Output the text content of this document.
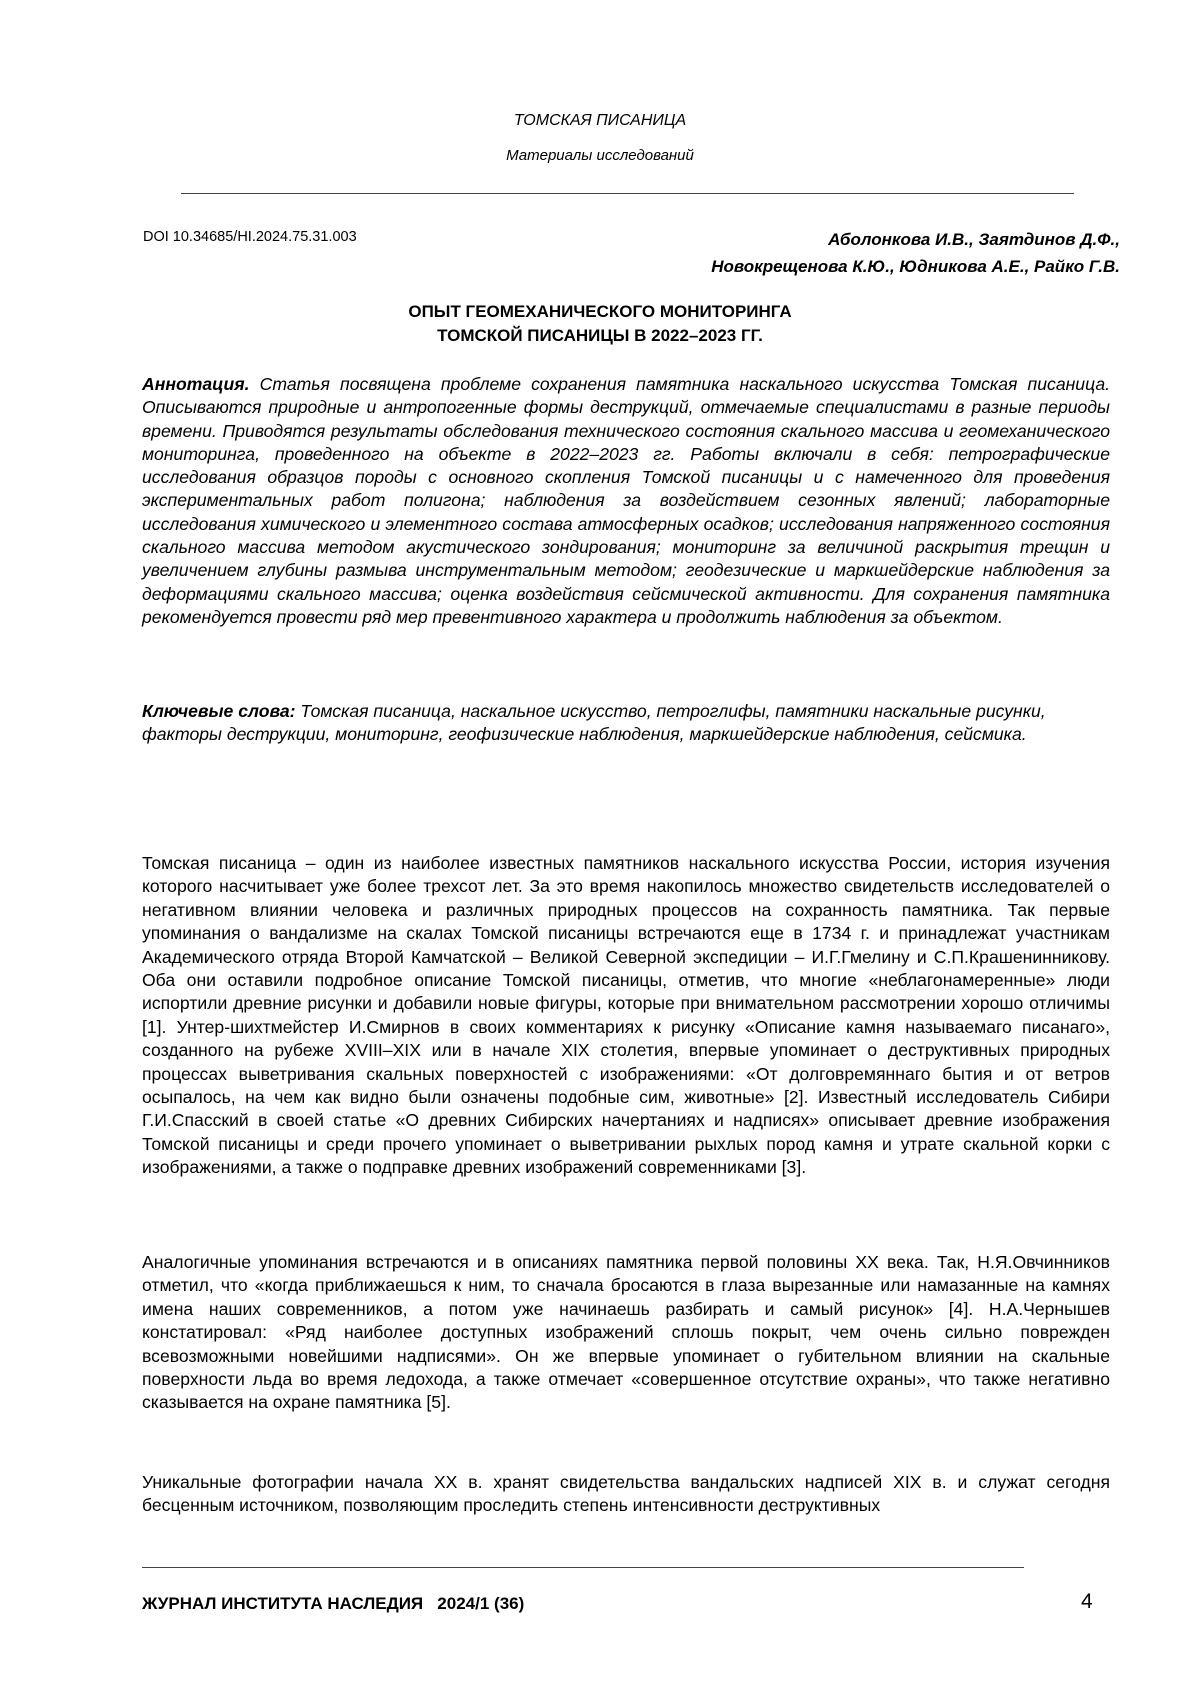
ТОМСКАЯ ПИСАНИЦА
Материалы исследований
DOI 10.34685/HI.2024.75.31.003	Аболонкова И.В., Заятдинов Д.Ф.,
Новокрещенова К.Ю., Юдникова А.Е., Райко Г.В.
ОПЫТ ГЕОМЕХАНИЧЕСКОГО МОНИТОРИНГА
ТОМСКОЙ ПИСАНИЦЫ В 2022–2023 ГГ.

Аннотация. Статья посвящена проблеме сохранения памятника наскального искусства Томская писаница. Описываются природные и антропогенные формы деструкций, отмечаемые специалистами в разные периоды времени. Приводятся результаты обследования технического состояния скального массива и геомеханического мониторинга, проведенного на объекте в 2022–2023 гг. Работы включали в себя: петрографические исследования образцов породы с основного скопления Томской писаницы и с намеченного для проведения экспериментальных работ полигона; наблюдения за воздействием сезонных явлений; лабораторные исследования химического и элементного состава атмосферных осадков; исследования напряженного состояния скального массива методом акустического зондирования; мониторинг за величиной раскрытия трещин и увеличением глубины размыва инструментальным методом; геодезические и маркшейдерские наблюдения за деформациями скального массива; оценка воздействия сейсмической активности. Для сохранения памятника рекомендуется провести ряд мер превентивного характера и продолжить наблюдения за объектом.

Ключевые слова: Томская писаница, наскальное искусство, петроглифы, памятники наскальные рисунки, факторы деструкции, мониторинг, геофизические наблюдения, маркшейдерские наблюдения, сейсмика.

Томская писаница – один из наиболее известных памятников наскального искусства России, история изучения которого насчитывает уже более трехсот лет. За это время накопилось множество свидетельств исследователей о негативном влиянии человека и различных природных процессов на сохранность памятника. Так первые упоминания о вандализме на скалах Томской писаницы встречаются еще в 1734 г. и принадлежат участникам Академического отряда Второй Камчатской – Великой Северной экспедиции – И.Г.Гмелину и С.П.Крашенинникову. Оба они оставили подробное описание Томской писаницы, отметив, что многие «неблагонамеренные» люди испортили древние рисунки и добавили новые фигуры, которые при внимательном рассмотрении хорошо отличимы [1]. Унтер-шихтмейстер И.Смирнов в своих комментариях к рисунку «Описание камня называемаго писанаго», созданного на рубеже XVIII–XIX или в начале XIX столетия, впервые упоминает о деструктивных природных процессах выветривания скальных поверхностей с изображениями: «От долговремяннаго бытия и от ветров осыпалось, на чем как видно были означены подобные сим, животные» [2]. Известный исследователь Сибири Г.И.Спасский в своей статье «О древних Сибирских начертаниях и надписях» описывает древние изображения Томской писаницы и среди прочего упоминает о выветривании рыхлых пород камня и утрате скальной корки с изображениями, а также о подправке древних изображений современниками [3].

Аналогичные упоминания встречаются и в описаниях памятника первой половины XX века. Так, Н.Я.Овчинников отметил, что «когда приближаешься к ним, то сначала бросаются в глаза вырезанные или намазанные на камнях имена наших современников, а потом уже начинаешь разбирать и самый рисунок» [4]. Н.А.Чернышев констатировал: «Ряд наиболее доступных изображений сплошь покрыт, чем очень сильно поврежден всевозможными новейшими надписями». Он же впервые упоминает о губительном влиянии на скальные поверхности льда во время ледохода, а также отмечает «совершенное отсутствие охраны», что также негативно сказывается на охране памятника [5].

Уникальные фотографии начала XX в. хранят свидетельства вандальских надписей XIX в. и служат сегодня бесценным источником, позволяющим проследить степень интенсивности деструктивных

ЖУРНАЛ ИНСТИТУТА НАСЛЕДИЯ   2024/1 (36)	4
